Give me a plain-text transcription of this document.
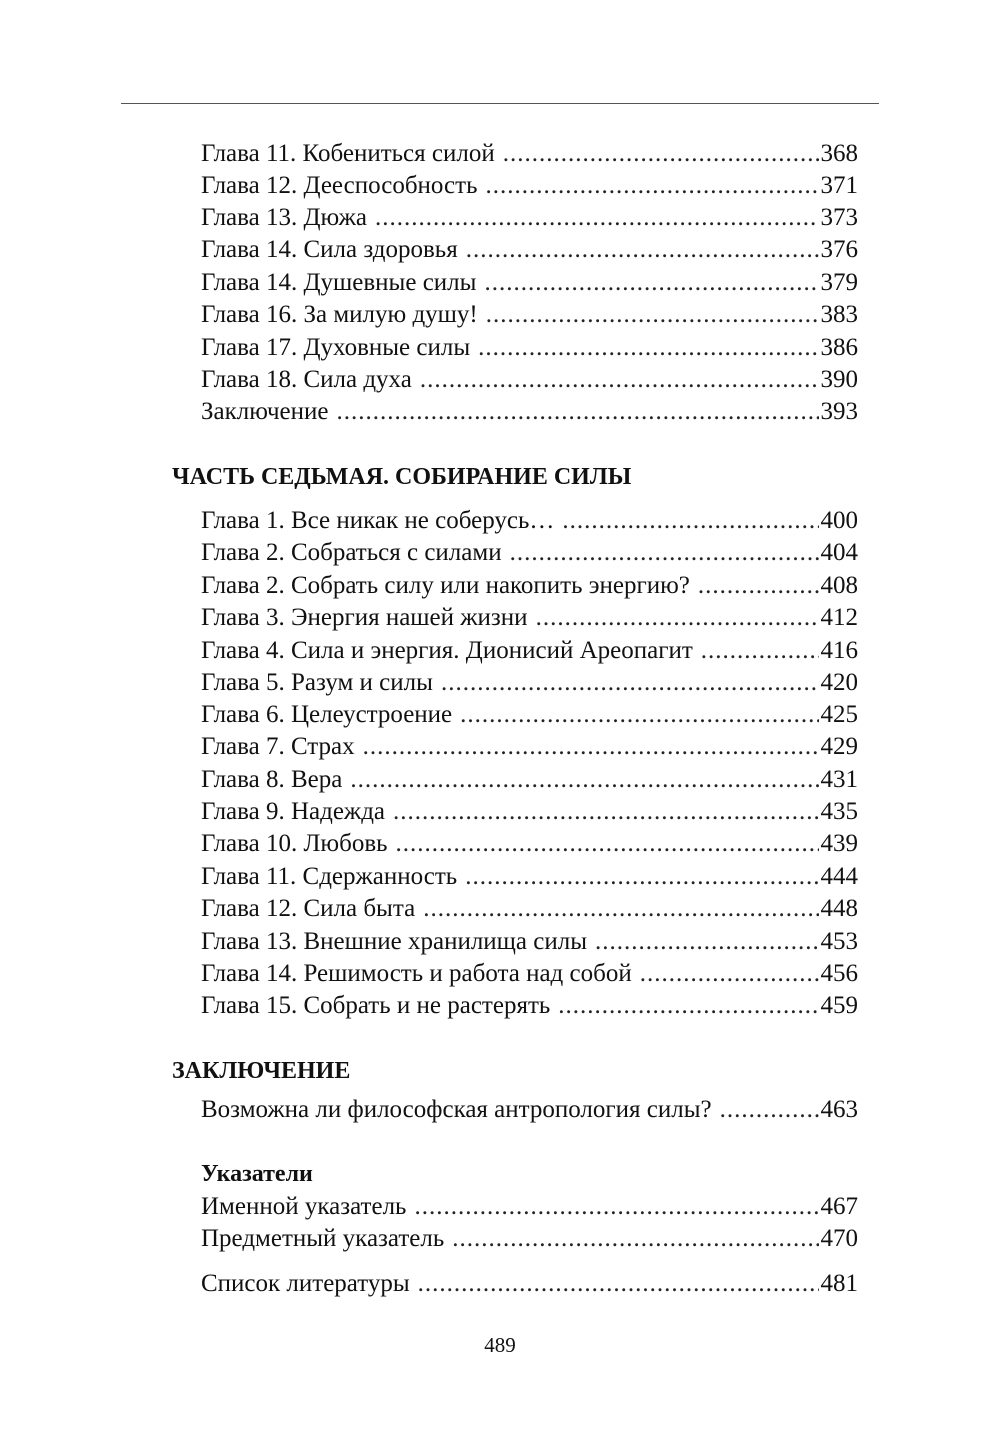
Глава 11. Кобениться силой .....	368
Глава 12. Дееспособность .....	371
Глава 13. Дюжа .....	373
Глава 14. Сила здоровья .....	376
Глава 14. Душевные силы .....	379
Глава 16. За милую душу! .....	383
Глава 17. Духовные силы .....	386
Глава 18. Сила духа .....	390
Заключение .....	393
ЧАСТЬ СЕДЬМАЯ. СОБИРАНИЕ СИЛЫ
Глава 1. Все никак не соберусь… .....	400
Глава 2. Собраться с силами .....	404
Глава 2. Собрать силу или накопить энергию? .....	408
Глава 3. Энергия нашей жизни .....	412
Глава 4. Сила и энергия. Дионисий Ареопагит .....	416
Глава 5. Разум и силы .....	420
Глава 6. Целеустроение .....	425
Глава 7. Страх .....	429
Глава 8. Вера .....	431
Глава 9. Надежда .....	435
Глава 10. Любовь .....	439
Глава 11. Сдержанность .....	444
Глава 12. Сила быта .....	448
Глава 13. Внешние хранилища силы .....	453
Глава 14. Решимость и работа над собой .....	456
Глава 15. Собрать и не растерять .....	459
ЗАКЛЮЧЕНИЕ
Возможна ли философская антропология силы? .....	463
Указатели
Именной указатель .....	467
Предметный указатель .....	470
Список литературы .....	481
489
